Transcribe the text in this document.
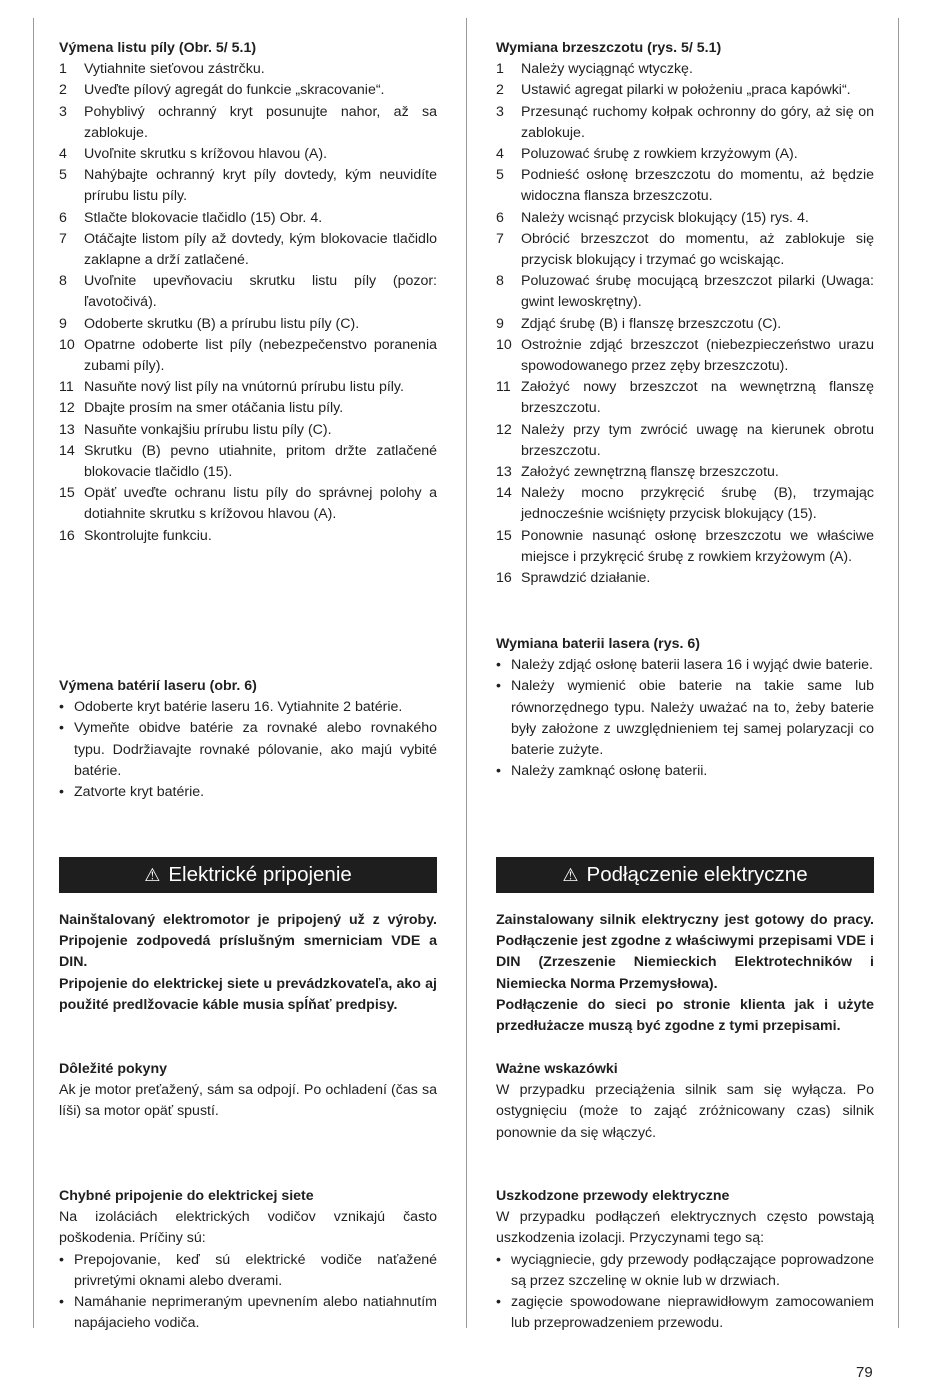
Výmena listu píly (Obr. 5/ 5.1)
1 Vytiahnite sieťovou zástrčku.
2 Uveďte pílový agregát do funkcie „skracovanie“.
3 Pohyblivý ochranný kryt posunujte nahor, až sa zablokuje.
4 Uvoľnite skrutku s krížovou hlavou (A).
5 Nahýbajte ochranný kryt píly dovtedy, kým neuvidíte prírubu listu píly.
6 Stlačte blokovacie tlačidlo (15) Obr. 4.
7 Otáčajte listom píly až dovtedy, kým blokovacie tlačidlo zaklapne a drží zatlačené.
8 Uvoľnite upevňovaciu skrutku listu píly (pozor: ľavotočivá).
9 Odoberte skrutku (B) a prírubu listu píly (C).
10 Opatrne odoberte list píly (nebezpečenstvo poranenia zubami píly).
11 Nasuňte nový list píly na vnútornú prírubu listu píly.
12 Dbajte prosím na smer otáčania listu píly.
13 Nasuňte vonkajšiu prírubu listu píly (C).
14 Skrutku (B) pevno utiahnite, pritom držte zatlačené blokovacie tlačidlo (15).
15 Opäť uveďte ochranu listu píly do správnej polohy a dotiahnite skrutku s krížovou hlavou (A).
16 Skontrolujte funkciu.
Výmena batérií laseru (obr. 6)
• Odoberte kryt batérie laseru 16. Vytiahnite 2 batérie.
• Vymeňte obidve batérie za rovnaké alebo rovnakého typu. Dodržiavajte rovnaké pólovanie, ako majú vybité batérie.
• Zatvorte kryt batérie.
⚠ Elektrické pripojenie

Nainštalovaný elektromotor je pripojený už z výroby. Pripojenie zodpovedá príslušným smerniciam VDE a DIN.

Pripojenie do elektrickej siete u prevádzkovateľa, ako aj použité predlžovacie káble musia spĺňať predpisy.

Dôležité pokyny

Ak je motor preťažený, sám sa odpojí. Po ochladení (čas sa líši) sa motor opäť spustí.

Chybné pripojenie do elektrickej siete

Na izoláciách elektrických vodičov vznikajú často poškodenia. Príčiny sú:

• Prepojovanie, keď sú elektrické vodiče naťažené privretými oknami alebo dverami.
• Namáhanie neprimeraným upevnením alebo natiahnutím napájacieho vodiča.
Wymiana brzeszczotu (rys. 5/ 5.1)
1 Należy wyciągnąć wtyczkę.
2 Ustawić agregat pilarki w położeniu „praca kapówki“.
3 Przesunąć ruchomy kołpak ochronny do góry, aż się on zablokuje.
4 Poluzować śrubę z rowkiem krzyżowym (A).
5 Podnieść osłonę brzeszczotu do momentu, aż będzie widoczna flansza brzeszczotu.
6 Należy wcisnąć przycisk blokujący (15) rys. 4.
7 Obrócić brzeszczot do momentu, aż zablokuje się przycisk blokujący i trzymać go wciskając.
8 Poluzować śrubę mocującą brzeszczot pilarki (Uwaga: gwint lewoskrętny).
9 Zdjąć śrubę (B) i flanszę brzeszczotu (C).
10 Ostrożnie zdjąć brzeszczot (niebezpieczeństwo urazu spowodowanego przez zęby brzeszczotu).
11 Założyć nowy brzeszczot na wewnętrzną flanszę brzeszczotu.
12 Należy przy tym zwrócić uwagę na kierunek obrotu brzeszczotu.
13 Założyć zewnętrzną flanszę brzeszczotu.
14 Należy mocno przykręcić śrubę (B), trzymając jednocześnie wciśnięty przycisk blokujący (15).
15 Ponownie nasunąć osłonę brzeszczotu we właściwe miejsce i przykręcić śrubę z rowkiem krzyżowym (A).
16 Sprawdzić działanie.
Wymiana baterii lasera (rys. 6)
• Należy zdjąć osłonę baterii lasera 16 i wyjąć dwie baterie.
• Należy wymienić obie baterie na takie same lub równorzędnego typu. Należy uważać na to, żeby baterie były założone z uwzględnieniem tej samej polaryzacji co baterie zużyte.
• Należy zamknąć osłonę baterii.
⚠ Podłączenie elektryczne

Zainstalowany silnik elektryczny jest gotowy do pracy. Podłączenie jest zgodne z właściwymi przepisami VDE i DIN (Zrzeszenie Niemieckich Elektrotechników i Niemiecka Norma Przemysłowa).

Podłączenie do sieci po stronie klienta jak i użyte przedłużacze muszą być zgodne z tymi przepisami.

Ważne wskazówki

W przypadku przeciążenia silnik sam się wyłącza. Po ostygnięciu (może to zająć zróżnicowany czas) silnik ponownie da się włączyć.

Uszkodzone przewody elektryczne

W przypadku podłączeń elektrycznych często powstają uszkodzenia izolacji. Przyczynami tego są:

• wyciągniecie, gdy przewody podłączające poprowadzone są przez szczelinę w oknie lub w drzwiach.
• zagięcie spowodowane nieprawidłowym zamocowaniem lub przeprowadzeniem przewodu.
79
